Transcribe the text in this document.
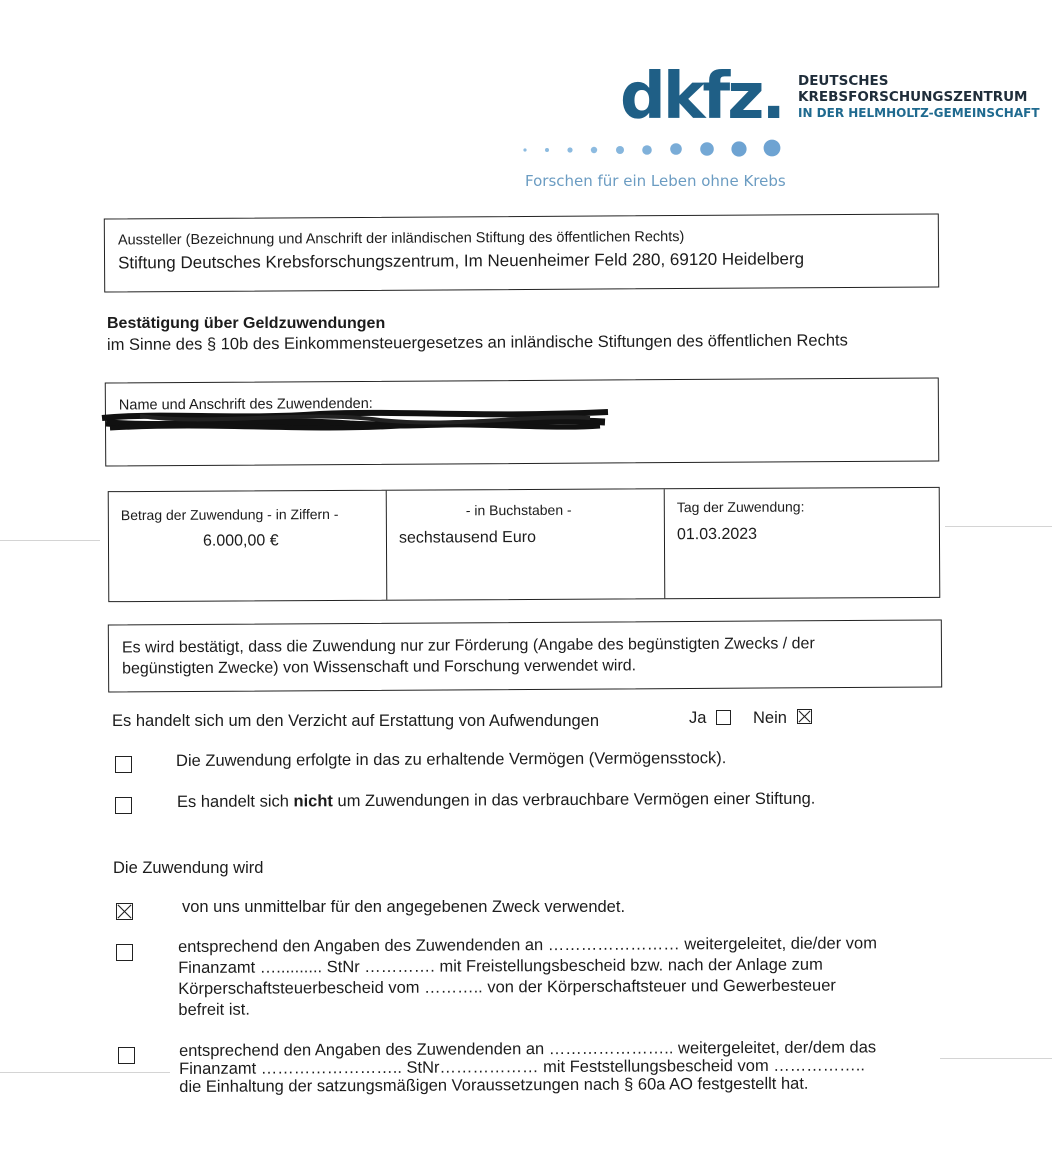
dkfz. DEUTSCHES
KREBSFORSCHUNGSZENTRUM
IN DER HELMHOLTZ-GEMEINSCHAFT
Forschen für ein Leben ohne Krebs
Aussteller (Bezeichnung und Anschrift der inländischen Stiftung des öffentlichen Rechts)
Stiftung Deutsches Krebsforschungszentrum, Im Neuenheimer Feld 280, 69120 Heidelberg
Bestätigung über Geldzuwendungen
im Sinne des § 10b des Einkommensteuergesetzes an inländische Stiftungen des öffentlichen Rechts
Name und Anschrift des Zuwendenden:
Betrag der Zuwendung - in Ziffern -
6.000,00 €
- in Buchstaben -
sechstausend Euro
Tag der Zuwendung:
01.03.2023
Es wird bestätigt, dass die Zuwendung nur zur Förderung (Angabe des begünstigten Zwecks / der
begünstigten Zwecke) von Wissenschaft und Forschung verwendet wird.
Es handelt sich um den Verzicht auf Erstattung von Aufwendungen	Ja	Nein
Die Zuwendung erfolgte in das zu erhaltende Vermögen (Vermögensstock).
Es handelt sich nicht um Zuwendungen in das verbrauchbare Vermögen einer Stiftung.
Die Zuwendung wird
von uns unmittelbar für den angegebenen Zweck verwendet.
entsprechend den Angaben des Zuwendenden an …………………… weitergeleitet, die/der vom
Finanzamt ….......... StNr …………. mit Freistellungsbescheid bzw. nach der Anlage zum
Körperschaftsteuerbescheid vom ……….. von der Körperschaftsteuer und Gewerbesteuer
befreit ist.
entsprechend den Angaben des Zuwendenden an ………………….. weitergeleitet, der/dem das
Finanzamt …………………….. StNr……………… mit Feststellungsbescheid vom ……………..
die Einhaltung der satzungsmäßigen Voraussetzungen nach § 60a AO festgestellt hat.
